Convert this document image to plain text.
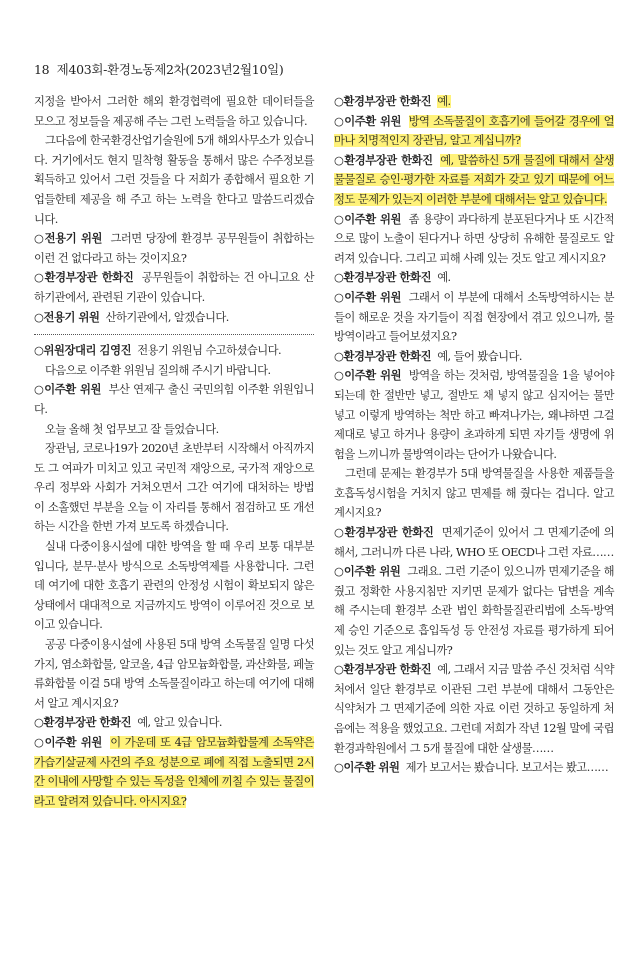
18 제403회-환경노동제2차(2023년2월10일)

지정을 받아서 그러한 해외 환경협력에 필요한 데이터들을 모으고 정보들을 제공해 주는 그런 노력들을 하고 있습니다.

그다음에 한국환경산업기술원에 5개 해외사무소가 있습니다. 거기에서도 현지 밀착형 활동을 통해서 많은 수주정보를 획득하고 있어서 그런 것들을 다 저희가 종합해서 필요한 기업들한테 제공을 해 주고 하는 노력을 한다고 말씀드리겠습니다.

○전용기 위원 그러면 당장에 환경부 공무원들이 취합하는 이런 건 없다라고 하는 것이지요?

○환경부장관 한화진 공무원들이 취합하는 건 아니고요 산하기관에서, 관련된 기관이 있습니다.

○전용기 위원 산하기관에서, 알겠습니다.

○위원장대리 김영진 전용기 위원님 수고하셨습니다.

다음으로 이주환 위원님 질의해 주시기 바랍니다.

○이주환 위원 부산 연제구 출신 국민의힘 이주환 위원입니다.

오늘 올해 첫 업무보고 잘 들었습니다.

장관님, 코로나19가 2020년 초반부터 시작해서 아직까지도 그 여파가 미치고 있고 국민적 재앙으로, 국가적 재앙으로 우리 정부와 사회가 거쳐오면서 그간 여기에 대처하는 방법이 소홀했던 부분을 오늘 이 자리를 통해서 점검하고 또 개선하는 시간을 한번 가져 보도록 하겠습니다.

실내 다중이용시설에 대한 방역을 할 때 우리 보통 대부분입니다, 분무·분사 방식으로 소독방역제를 사용합니다. 그런데 여기에 대한 호흡기 관련의 안정성 시험이 확보되지 않은 상태에서 대대적으로 지금까지도 방역이 이루어진 것으로 보이고 있습니다.

공공 다중이용시설에 사용된 5대 방역 소독물질 일명 다섯 가지, 염소화합물, 알코올, 4급 암모늄화합물, 과산화물, 페놀류화합물 이걸 5대 방역 소독물질이라고 하는데 여기에 대해서 알고 계시지요?

○환경부장관 한화진 예, 알고 있습니다.

○이주환 위원 이 가운데 또 4급 암모늄화합물계 소독약은 가습기살균제 사건의 주요 성분으로 폐에 직접 노출되면 2시간 이내에 사망할 수 있는 독성을 인체에 끼칠 수 있는 물질이라고 알려져 있습니다. 아시지요?

○환경부장관 한화진 예.

○이주환 위원 방역 소독물질이 호흡기에 들어갈 경우에 얼마나 치명적인지 장관님, 알고 계십니까?

○환경부장관 한화진 예, 말씀하신 5개 물질에 대해서 살생물물질로 승인·평가한 자료를 저희가 갖고 있기 때문에 어느 정도 문제가 있는지 이러한 부분에 대해서는 알고 있습니다.

○이주환 위원 좀 용량이 과다하게 분포된다거나 또 시간적으로 많이 노출이 된다거나 하면 상당히 유해한 물질로도 알려져 있습니다. 그리고 피해 사례 있는 것도 알고 계시지요?

○환경부장관 한화진 예.

○이주환 위원 그래서 이 부분에 대해서 소독방역하시는 분들이 해로운 것을 자기들이 직접 현장에서 겪고 있으니까, 물방역이라고 들어보셨지요?

○환경부장관 한화진 예, 들어 봤습니다.

○이주환 위원 방역을 하는 것처럼, 방역물질을 1을 넣어야 되는데 한 절반만 넣고, 절반도 채 넣지 않고 심지어는 물만 넣고 이렇게 방역하는 척만 하고 빠져나가는, 왜냐하면 그걸 제대로 넣고 하거나 용량이 초과하게 되면 자기들 생명에 위험을 느끼니까 물방역이라는 단어가 나왔습니다.

그런데 문제는 환경부가 5대 방역물질을 사용한 제품들을 호흡독성시험을 거치지 않고 면제를 해 줬다는 겁니다. 알고 계시지요?

○환경부장관 한화진 면제기준이 있어서 그 면제기준에 의해서, 그러니까 다른 나라, WHO 또 OECD나 그런 자료……

○이주환 위원 그래요. 그런 기준이 있으니까 면제기준을 해 줬고 정확한 사용지침만 지키면 문제가 없다는 답변을 계속 해 주시는데 환경부 소관 법인 화학물질관리법에 소독·방역제 승인 기준으로 흡입독성 등 안전성 자료를 평가하게 되어 있는 것도 알고 계십니까?

○환경부장관 한화진 예, 그래서 지금 말씀 주신 것처럼 식약처에서 일단 환경부로 이관된 그런 부분에 대해서 그동안은 식약처가 그 면제기준에 의한 자료 이런 것하고 동일하게 처음에는 적용을 했었고요. 그런데 저희가 작년 12월 말에 국립환경과학원에서 그 5개 물질에 대한 살생물……

○이주환 위원 제가 보고서는 봤습니다. 보고서는 봤고……
